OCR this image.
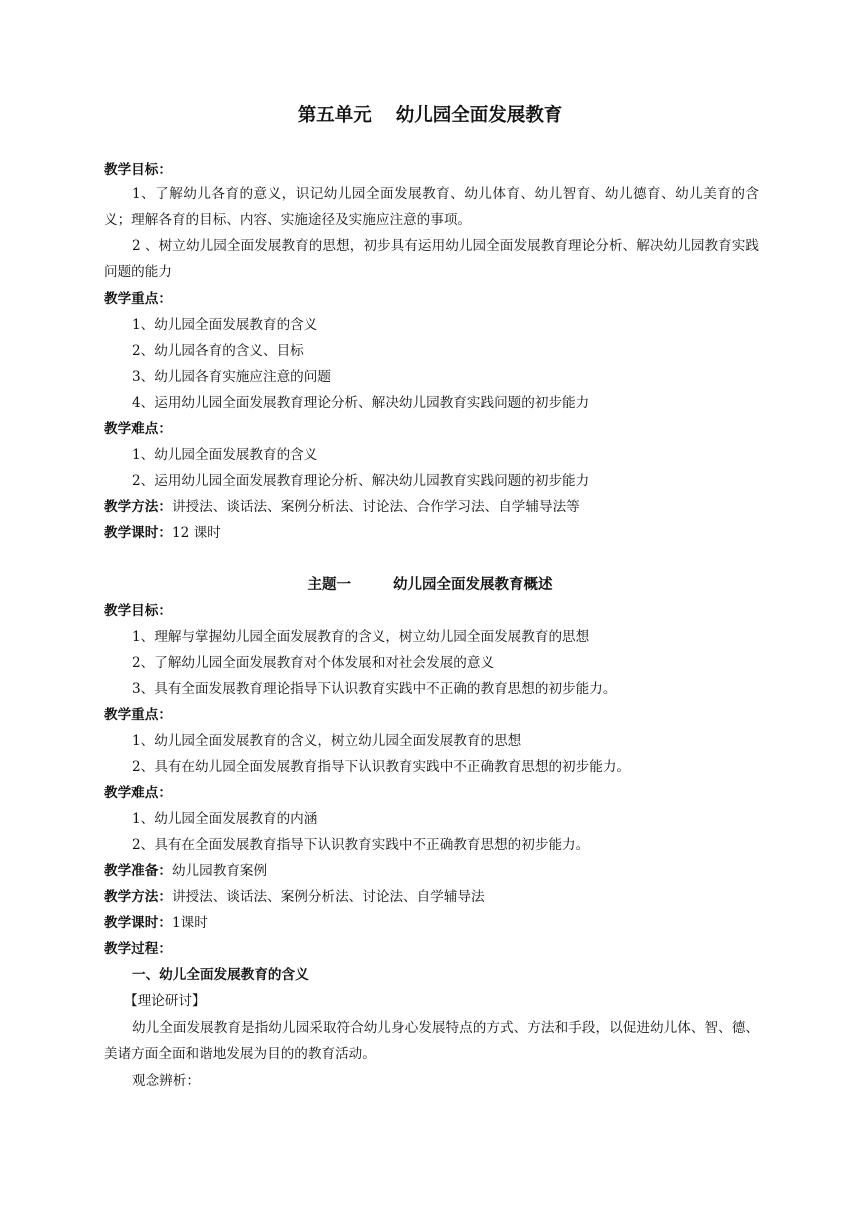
第五单元 幼儿园全面发展教育
教学目标：
1、了解幼儿各育的意义，识记幼儿园全面发展教育、幼儿体育、幼儿智育、幼儿德育、幼儿美育的含义；理解各育的目标、内容、实施途径及实施应注意的事项。
2 、树立幼儿园全面发展教育的思想，初步具有运用幼儿园全面发展教育理论分析、解决幼儿园教育实践问题的能力
教学重点：
1、幼儿园全面发展教育的含义
2、幼儿园各育的含义、目标
3、幼儿园各育实施应注意的问题
4、运用幼儿园全面发展教育理论分析、解决幼儿园教育实践问题的初步能力
教学难点：
1、幼儿园全面发展教育的含义
2、运用幼儿园全面发展教育理论分析、解决幼儿园教育实践问题的初步能力
教学方法：讲授法、谈话法、案例分析法、讨论法、合作学习法、自学辅导法等
教学课时：12 课时
主题一	幼儿园全面发展教育概述
教学目标：
1、理解与掌握幼儿园全面发展教育的含义，树立幼儿园全面发展教育的思想
2、了解幼儿园全面发展教育对个体发展和对社会发展的意义
3、具有全面发展教育理论指导下认识教育实践中不正确的教育思想的初步能力。
教学重点：
1、幼儿园全面发展教育的含义，树立幼儿园全面发展教育的思想
2、具有在幼儿园全面发展教育指导下认识教育实践中不正确教育思想的初步能力。
教学难点：
1、幼儿园全面发展教育的内涵
2、具有在全面发展教育指导下认识教育实践中不正确教育思想的初步能力。
教学准备：幼儿园教育案例
教学方法：讲授法、谈话法、案例分析法、讨论法、自学辅导法
教学课时：1课时
教学过程：
一、幼儿全面发展教育的含义
【理论研讨】
幼儿全面发展教育是指幼儿园采取符合幼儿身心发展特点的方式、方法和手段，以促进幼儿体、智、德、美诸方面全面和谐地发展为目的的教育活动。
观念辨析：
